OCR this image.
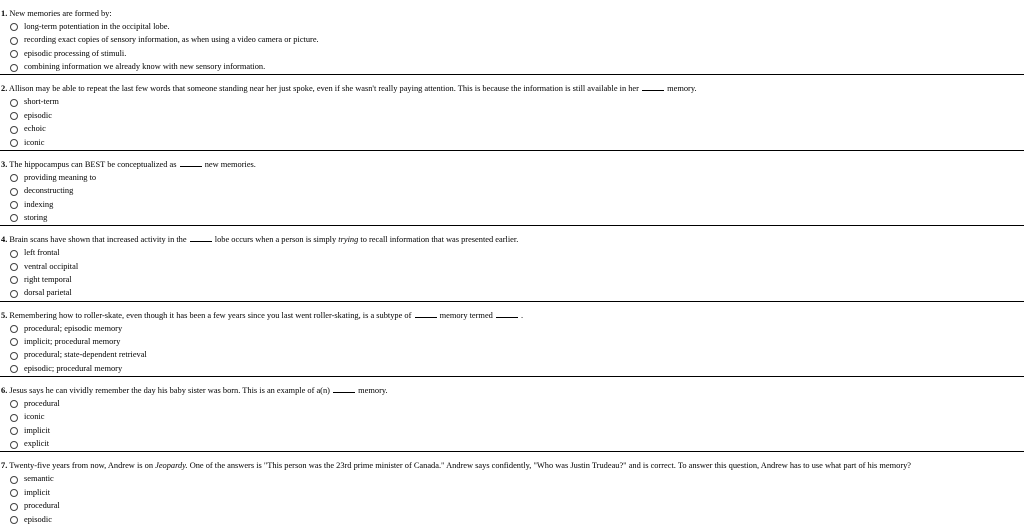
1. New memories are formed by:
long-term potentiation in the occipital lobe.
recording exact copies of sensory information, as when using a video camera or picture.
episodic processing of stimuli.
combining information we already know with new sensory information.
2. Allison may be able to repeat the last few words that someone standing near her just spoke, even if she wasn't really paying attention. This is because the information is still available in her	memory.
short-term
episodic
echoic
iconic
3. The hippocampus can BEST be conceptualized as	new memories.
providing meaning to
deconstructing
indexing
storing
4. Brain scans have shown that increased activity in the	lobe occurs when a person is simply trying to recall information that was presented earlier.
left frontal
ventral occipital
right temporal
dorsal parietal
5. Remembering how to roller-skate, even though it has been a few years since you last went roller-skating, is a subtype of	memory termed	.
procedural; episodic memory
implicit; procedural memory
procedural; state-dependent retrieval
episodic; procedural memory
6. Jesus says he can vividly remember the day his baby sister was born. This is an example of a(n)	memory.
procedural
iconic
implicit
explicit
7. Twenty-five years from now, Andrew is on Jeopardy. One of the answers is "This person was the 23rd prime minister of Canada." Andrew says confidently, "Who was Justin Trudeau?" and is correct. To answer this question, Andrew has to use what part of his memory?
semantic
implicit
procedural
episodic
